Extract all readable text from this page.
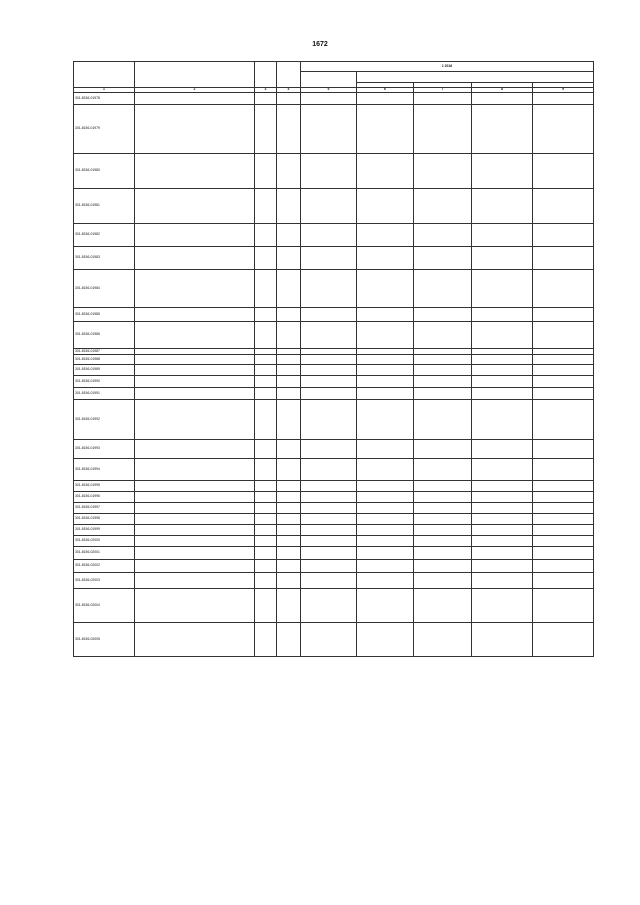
1672
				1 2016				

1	2	3	4	5	6	7	8	9
301-8156-01978								
301-8156-01979								
301-8156-01980								
301-8156-01981								
301-8156-01982								
301-8156-01983								
301-8156-01984								
301-8156-01985								
301-8156-01986								
301-8156-01987								
301-8156-01988								
301-8156-01989								
301-8156-01990								
301-8156-01991								
301-8156-01992								
301-8156-01993								
301-8156-01994								
301-8156-01995								
301-8156-01996								
301-8156-01997								
301-8156-01998								
301-8156-01999								
301-8156-02000								
301-8156-02001								
301-8156-02002								
301-8156-02003								
301-8156-02004								
301-8156-02005								
